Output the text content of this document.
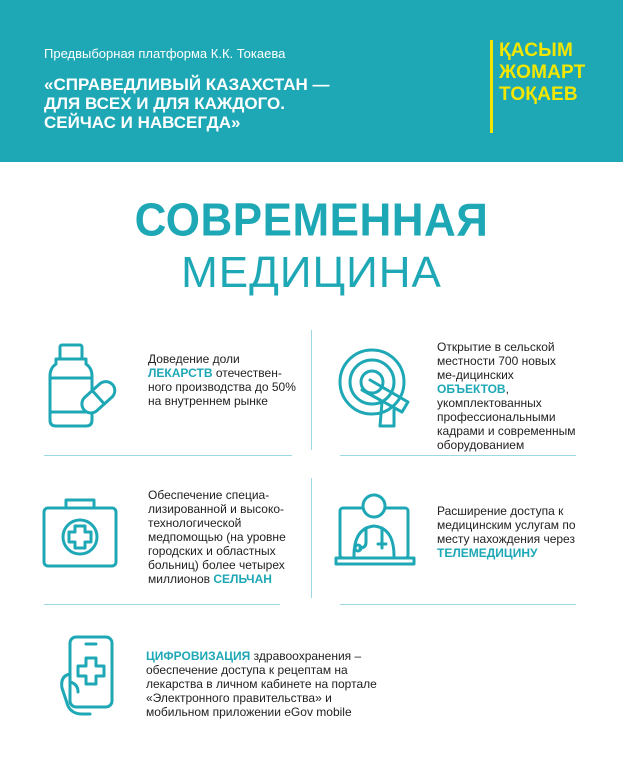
Предвыборная платформа К.К. Токаева
«СПРАВЕДЛИВЫЙ КАЗАХСТАН —
ДЛЯ ВСЕХ И ДЛЯ КАЖДОГО.
СЕЙЧАС И НАВСЕГДА»
ҚАСЫМ
ЖОМАРТ
ТОҚАЕВ
СОВРЕМЕННАЯ
МЕДИЦИНА
Доведение доли ЛЕКАРСТВ отечествен-ного производства до 50% на внутреннем рынке
Открытие в сельской местности 700 новых ме-дицинских ОБЪЕКТОВ, укомплектованных профессиональными кадрами и современным оборудованием
Обеспечение специа-лизированной и высоко-технологической медпомощью (на уровне городских и областных больниц) более четырех миллионов СЕЛЬЧАН
Расширение доступа к медицинским услугам по месту нахождения через ТЕЛЕМЕДИЦИНУ
ЦИФРОВИЗАЦИЯ здравоохранения – обеспечение доступа к рецептам на лекарства в личном кабинете на портале «Электронного правительства» и мобильном приложении eGov mobile
